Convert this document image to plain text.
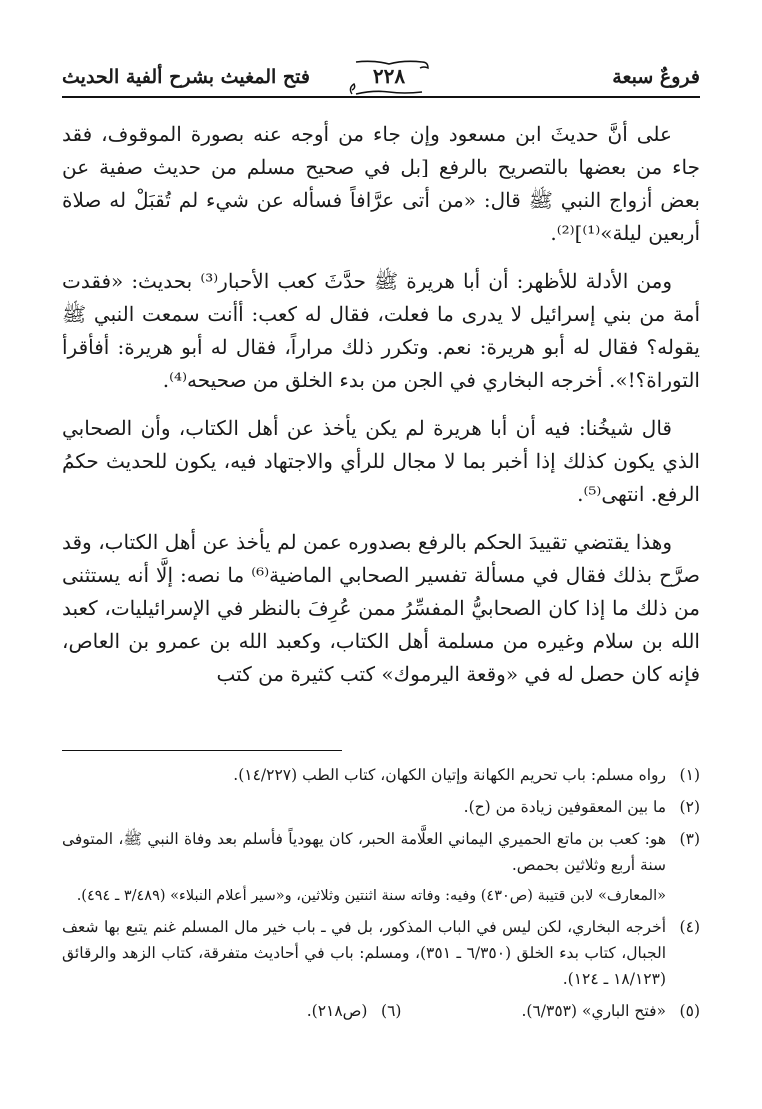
فروعٌ سبعة
٢٢٨
فتح المغيث بشرح ألفية الحديث

على أنَّ حديثَ ابن مسعود وإن جاء من أوجه عنه بصورة الموقوف، فقد جاء من بعضها بالتصريح بالرفع [بل في صحيح مسلم من حديث صفية عن بعض أزواج النبي ﷺ قال: «من أتى عرَّافاً فسأله عن شيء لم تُقبَلْ له صلاة أربعين ليلة»⁽¹⁾]⁽²⁾.

ومن الأدلة للأظهر: أن أبا هريرة ﷺ حدَّثَ كعب الأحبار⁽³⁾ بحديث: «فقدت أمة من بني إسرائيل لا يدرى ما فعلت، فقال له كعب: أأنت سمعت النبي ﷺ يقوله؟ فقال له أبو هريرة: نعم. وتكرر ذلك مراراً، فقال له أبو هريرة: أفأقرأ التوراة؟!». أخرجه البخاري في الجن من بدء الخلق من صحيحه⁽⁴⁾.

قال شيخُنا: فيه أن أبا هريرة لم يكن يأخذ عن أهل الكتاب، وأن الصحابي الذي يكون كذلك إذا أخبر بما لا مجال للرأي والاجتهاد فيه، يكون للحديث حكمُ الرفع. انتهى⁽⁵⁾.

وهذا يقتضي تقييدَ الحكم بالرفع بصدوره عمن لم يأخذ عن أهل الكتاب، وقد صرَّح بذلك فقال في مسألة تفسير الصحابي الماضية⁽⁶⁾ ما نصه: إلَّا أنه يستثنى من ذلك ما إذا كان الصحابيُّ المفسِّرُ ممن عُرِفَ بالنظر في الإسرائيليات، كعبد الله بن سلام وغيره من مسلمة أهل الكتاب، وكعبد الله بن عمرو بن العاص، فإنه كان حصل له في «وقعة اليرموك» كتب كثيرة من كتب

(١)
رواه مسلم: باب تحريم الكهانة وإتيان الكهان، كتاب الطب (١٤/٢٢٧).
(٢)
ما بين المعقوفين زيادة من (ح).
(٣)
هو: كعب بن ماتع الحميري اليماني العلَّامة الحبر، كان يهودياً فأسلم بعد وفاة النبي ﷺ، المتوفى سنة أربع وثلاثين بحمص.
«المعارف» لابن قتيبة (ص٤٣٠) وفيه: وفاته سنة اثنتين وثلاثين، و«سير أعلام النبلاء» (٣/٤٨٩ ـ ٤٩٤).
(٤)
أخرجه البخاري، لكن ليس في الباب المذكور، بل في ـ باب خير مال المسلم غنم يتبع بها شعف الجبال، كتاب بدء الخلق (٦/٣٥٠ ـ ٣٥١)، ومسلم: باب في أحاديث متفرقة، كتاب الزهد والرقائق (١٨/١٢٣ ـ ١٢٤).
(٥)
«فتح الباري» (٦/٣٥٣).
(٦)
(ص٢١٨).
